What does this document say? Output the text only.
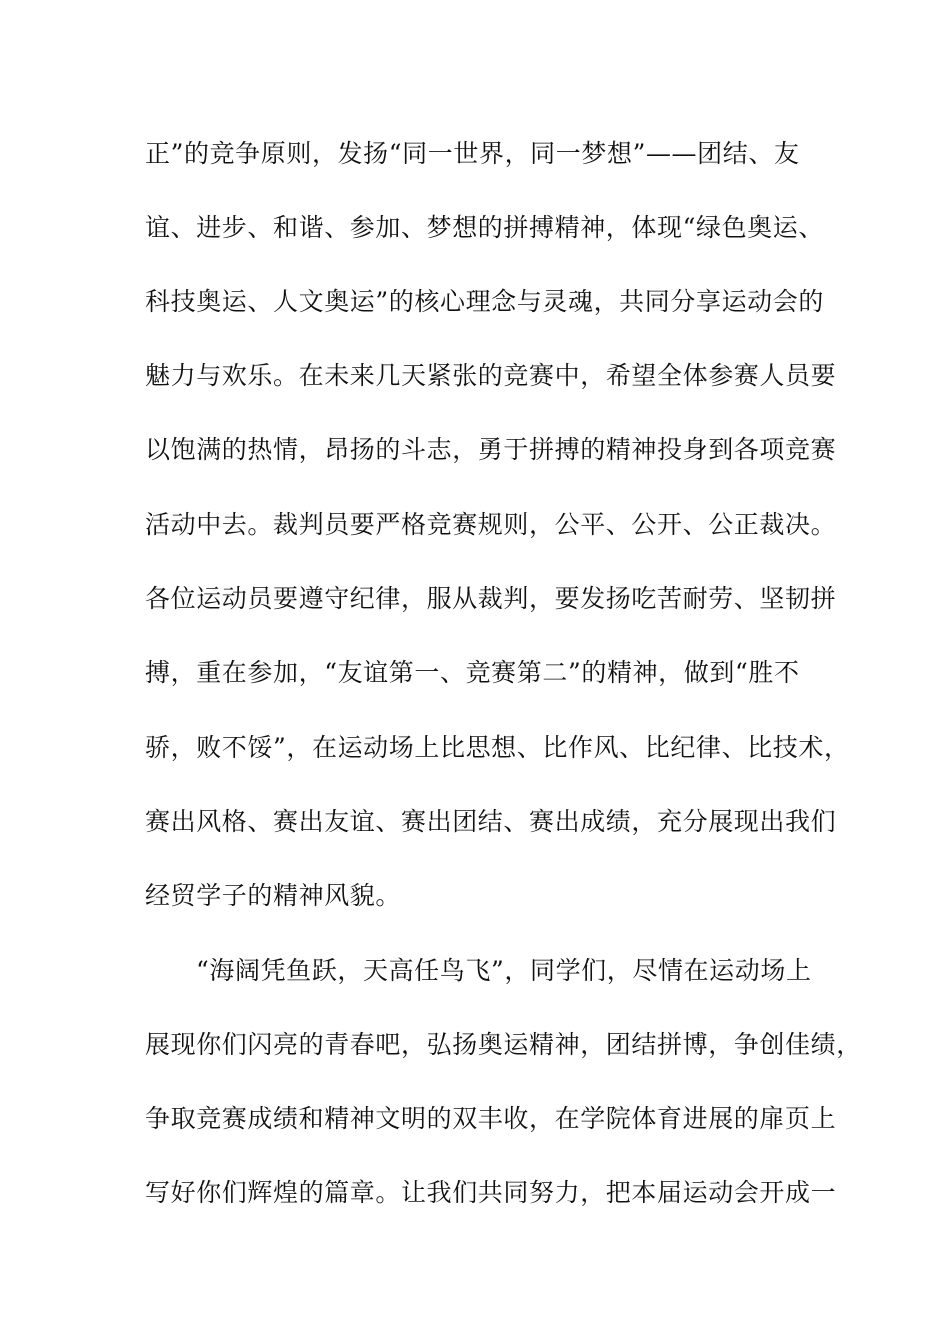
正”的竞争原则，发扬“同一世界，同一梦想”——团结、友
谊、进步、和谐、参加、梦想的拼搏精神，体现“绿色奥运、
科技奥运、人文奥运”的核心理念与灵魂，共同分享运动会的
魅力与欢乐。在未来几天紧张的竞赛中，希望全体参赛人员要
以饱满的热情，昂扬的斗志，勇于拼搏的精神投身到各项竞赛
活动中去。裁判员要严格竞赛规则，公平、公开、公正裁决。
各位运动员要遵守纪律，服从裁判，要发扬吃苦耐劳、坚韧拼
搏，重在参加，“友谊第一、竞赛第二”的精神，做到“胜不
骄，败不馁”，在运动场上比思想、比作风、比纪律、比技术，
赛出风格、赛出友谊、赛出团结、赛出成绩，充分展现出我们
经贸学子的精神风貌。
“海阔凭鱼跃，天高任鸟飞”，同学们，尽情在运动场上
展现你们闪亮的青春吧，弘扬奥运精神，团结拼博，争创佳绩，
争取竞赛成绩和精神文明的双丰收，在学院体育进展的扉页上
写好你们辉煌的篇章。让我们共同努力，把本届运动会开成一
